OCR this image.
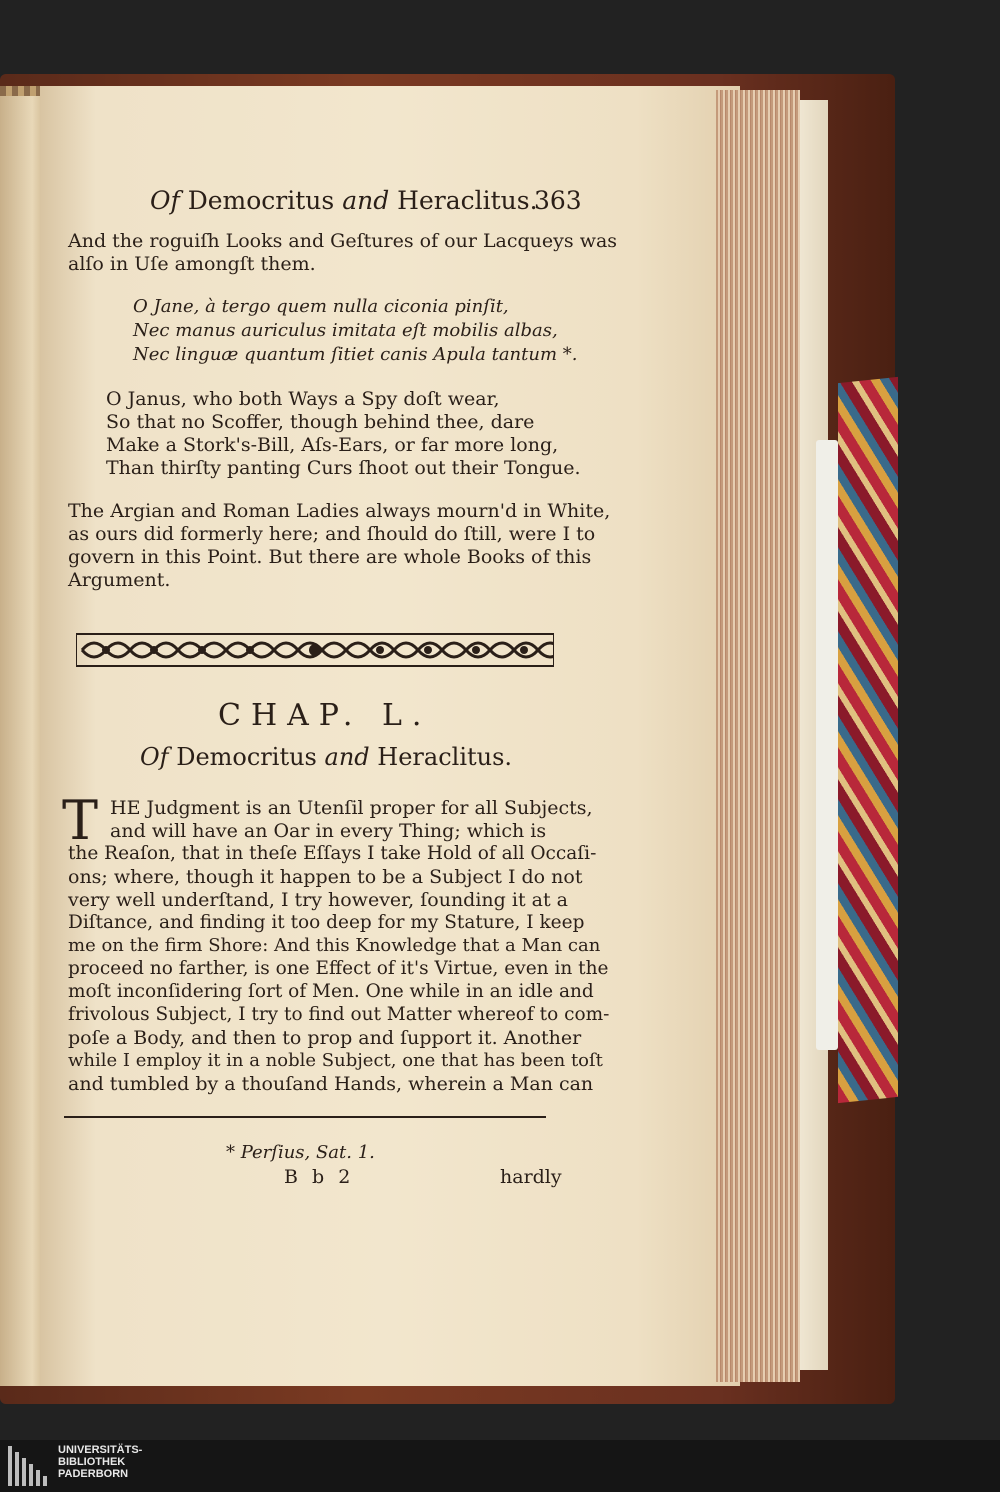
Of Democritus and Heraclitus.
363
And the roguiſh Looks and Geſtures of our Lacqueys was
alſo in Uſe amongſt them.
O Jane, à tergo quem nulla ciconia pinſit,
Nec manus auriculus imitata eſt mobilis albas,
Nec linguæ quantum ſitiet canis Apula tantum *.
O Janus, who both Ways a Spy doſt wear,
So that no Scoffer, though behind thee, dare
Make a Stork's-Bill, Aſs-Ears, or far more long,
Than thirſty panting Curs ſhoot out their Tongue.
The Argian and Roman Ladies always mourn'd in White,
as ours did formerly here; and ſhould do ſtill, were I to
govern in this Point. But there are whole Books of this
Argument.
CHAP. L.
Of Democritus and Heraclitus.
T HE Judgment is an Utenſil proper for all Subjects,
and will have an Oar in every Thing; which is
the Reaſon, that in theſe Eſſays I take Hold of all Occaſi-
ons; where, though it happen to be a Subject I do not
very well underſtand, I try however, ſounding it at a
Diſtance, and finding it too deep for my Stature, I keep
me on the firm Shore: And this Knowledge that a Man can
proceed no farther, is one Effect of it's Virtue, even in the
moſt inconſidering ſort of Men. One while in an idle and
frivolous Subject, I try to find out Matter whereof to com-
poſe a Body, and then to prop and ſupport it. Another
while I employ it in a noble Subject, one that has been toſt
and tumbled by a thouſand Hands, wherein a Man can
* Perſius, Sat. 1.
B b 2	hardly
UNIVERSITÄTS-
BIBLIOTHEK
PADERBORN
